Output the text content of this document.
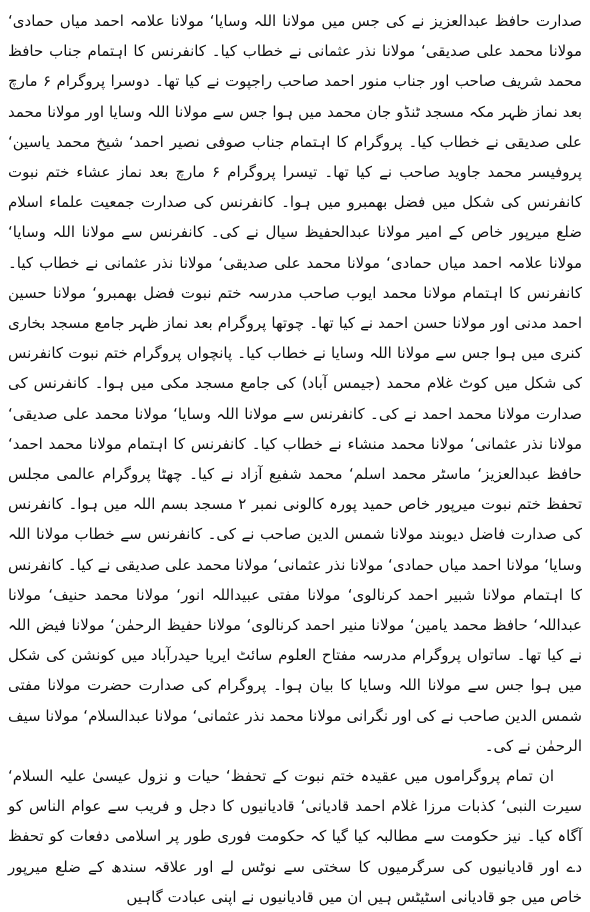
صدارت حافظ عبدالعزیز نے کی جس میں مولانا اللہ وسایا‘ مولانا علامہ احمد میاں حمادی‘ مولانا محمد علی صدیقی‘ مولانا نذر عثمانی نے خطاب کیا۔ کانفرنس کا اہتمام جناب حافظ محمد شریف صاحب اور جناب منور احمد صاحب راجپوت نے کیا تھا۔ دوسرا پروگرام ۶ مارچ بعد نماز ظہر مکہ مسجد ٹنڈو جان محمد میں ہوا جس سے مولانا اللہ وسایا اور مولانا محمد علی صدیقی نے خطاب کیا۔ پروگرام کا اہتمام جناب صوفی نصیر احمد‘ شیخ محمد یاسین‘ پروفیسر محمد جاوید صاحب نے کیا تھا۔ تیسرا پروگرام ۶ مارچ بعد نماز عشاء ختم نبوت کانفرنس کی شکل میں فضل بھمبرو میں ہوا۔ کانفرنس کی صدارت جمعیت علماء اسلام ضلع میرپور خاص کے امیر مولانا عبدالحفیظ سیال نے کی۔ کانفرنس سے مولانا اللہ وسایا‘ مولانا علامہ احمد میاں حمادی‘ مولانا محمد علی صدیقی‘ مولانا نذر عثمانی نے خطاب کیا۔ کانفرنس کا اہتمام مولانا محمد ایوب صاحب مدرسہ ختم نبوت فضل بھمبرو‘ مولانا حسین احمد مدنی اور مولانا حسن احمد نے کیا تھا۔ چوتھا پروگرام بعد نماز ظہر جامع مسجد بخاری کنری میں ہوا جس سے مولانا اللہ وسایا نے خطاب کیا۔ پانچواں پروگرام ختم نبوت کانفرنس کی شکل میں کوٹ غلام محمد (جیمس آباد) کی جامع مسجد مکی میں ہوا۔ کانفرنس کی صدارت مولانا محمد احمد نے کی۔ کانفرنس سے مولانا اللہ وسایا‘ مولانا محمد علی صدیقی‘ مولانا نذر عثمانی‘ مولانا محمد منشاء نے خطاب کیا۔ کانفرنس کا اہتمام مولانا محمد احمد‘ حافظ عبدالعزیز‘ ماسٹر محمد اسلم‘ محمد شفیع آزاد نے کیا۔ چھٹا پروگرام عالمی مجلس تحفظ ختم نبوت میرپور خاص حمید پورہ کالونی نمبر ۲ مسجد بسم اللہ میں ہوا۔ کانفرنس کی صدارت فاضل دیوبند مولانا شمس الدین صاحب نے کی۔ کانفرنس سے خطاب مولانا اللہ وسایا‘ مولانا احمد میاں حمادی‘ مولانا نذر عثمانی‘ مولانا محمد علی صدیقی نے کیا۔ کانفرنس کا اہتمام مولانا شبیر احمد کرنالوی‘ مولانا مفتی عبیداللہ انور‘ مولانا محمد حنیف‘ مولانا عبداللہ‘ حافظ محمد یامین‘ مولانا منیر احمد کرنالوی‘ مولانا حفیظ الرحمٰن‘ مولانا فیض اللہ نے کیا تھا۔ ساتواں پروگرام مدرسہ مفتاح العلوم سائٹ ایریا حیدرآباد میں کونشن کی شکل میں ہوا جس سے مولانا اللہ وسایا کا بیان ہوا۔ پروگرام کی صدارت حضرت مولانا مفتی شمس الدین صاحب نے کی اور نگرانی مولانا محمد نذر عثمانی‘ مولانا عبدالسلام‘ مولانا سیف الرحمٰن نے کی۔

ان تمام پروگراموں میں عقیدہ ختم نبوت کے تحفظ‘ حیات و نزول عیسیٰ علیہ السلام‘ سیرت النبی‘ کذبات مرزا غلام احمد قادیانی‘ قادیانیوں کا دجل و فریب سے عوام الناس کو آگاہ کیا۔ نیز حکومت سے مطالبہ کیا گیا کہ حکومت فوری طور پر اسلامی دفعات کو تحفظ دے اور قادیانیوں کی سرگرمیوں کا سختی سے نوٹس لے اور علاقہ سندھ کے ضلع میرپور خاص میں جو قادیانی اسٹیٹس ہیں ان میں قادیانیوں نے اپنی عبادت گاہیں
